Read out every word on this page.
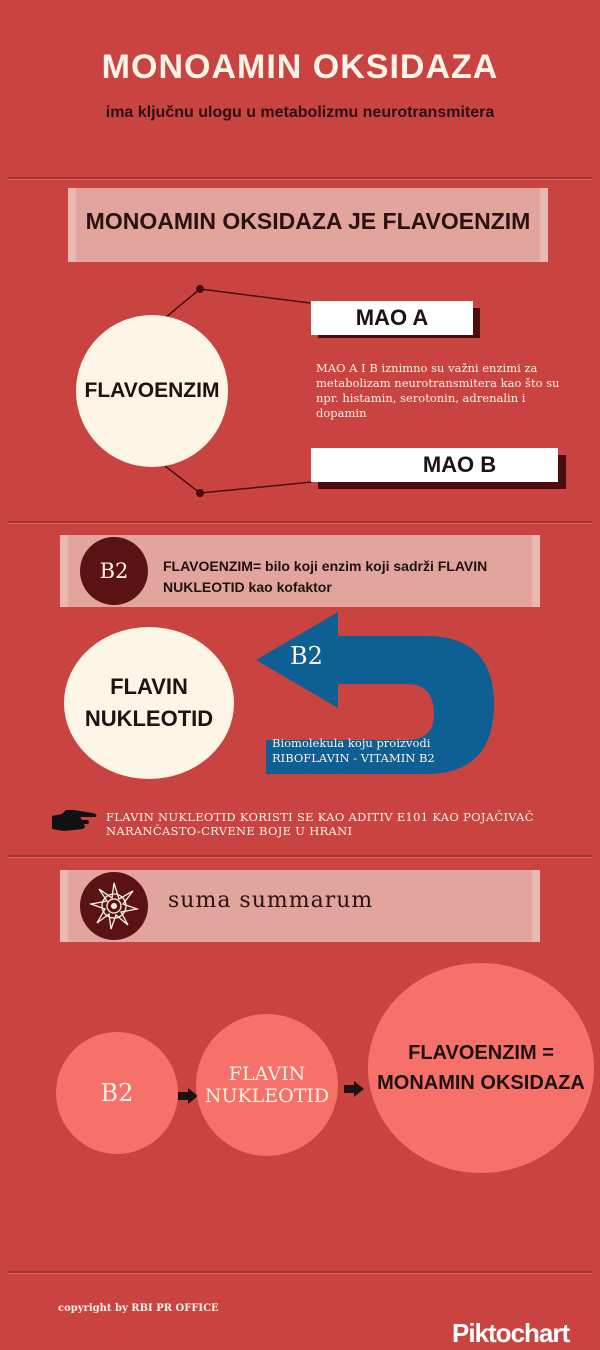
MONOAMIN OKSIDAZA
ima ključnu ulogu u metabolizmu neurotransmitera
MONOAMIN OKSIDAZA JE FLAVOENZIM
FLAVOENZIM
MAO A
MAO A I B iznimno su važni enzimi za metabolizam neurotransmitera kao što su npr. histamin, serotonin, adrenalin i dopamin
MAO B
B2 FLAVOENZIM= bilo koji enzim koji sadrži FLAVIN NUKLEOTID kao kofaktor
FLAVIN
NUKLEOTID
B2
Biomolekula koju proizvodi
RIBOFLAVIN - VITAMIN B2
FLAVIN NUKLEOTID KORISTI SE KAO ADITIV E101 KAO POJAČIVAČ
NARANČASTO-CRVENE BOJE U HRANI
suma summarum
B2
FLAVIN
NUKLEOTID
FLAVOENZIM =
MONAMIN OKSIDAZA
copyright by RBI PR OFFICE
Piktochart
